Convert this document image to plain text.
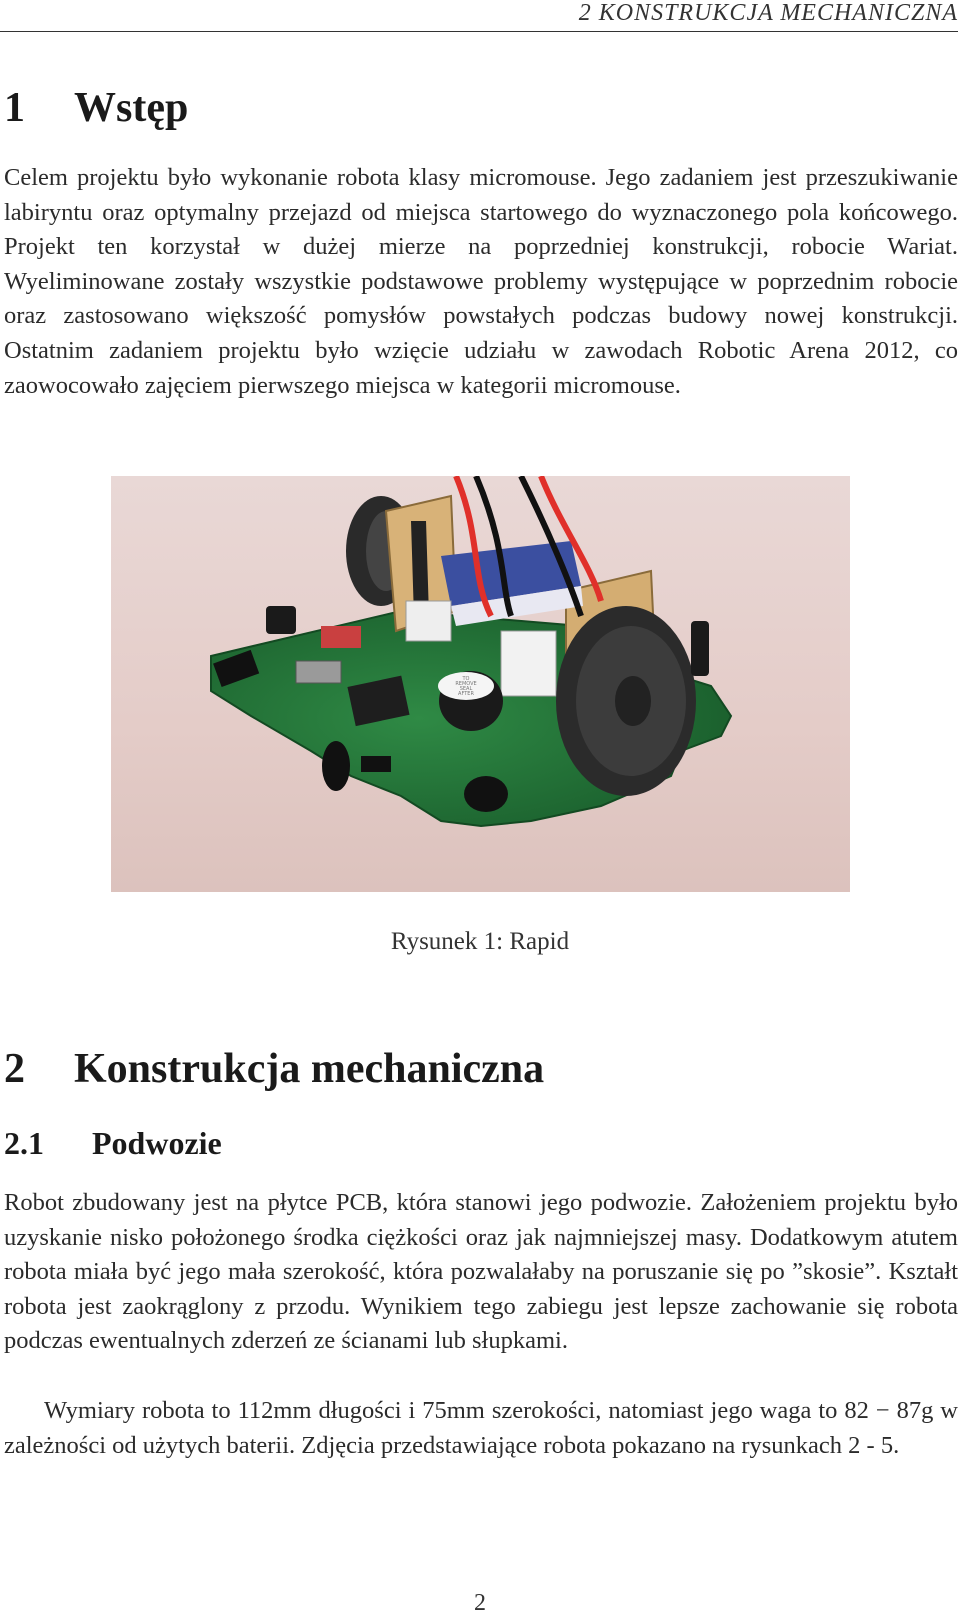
2 KONSTRUKCJA MECHANICZNA
1 Wstęp

Celem projektu było wykonanie robota klasy micromouse. Jego zadaniem jest przeszukiwanie labiryntu oraz optymalny przejazd od miejsca startowego do wyznaczonego pola końcowego. Projekt ten korzystał w dużej mierze na poprzedniej konstrukcji, robocie Wariat. Wyeliminowane zostały wszystkie podstawowe problemy występujące w poprzednim robocie oraz zastosowano większość pomysłów powstałych podczas budowy nowej konstrukcji. Ostatnim zadaniem projektu było wzięcie udziału w zawodach Robotic Arena 2012, co zaowocowało zajęciem pierwszego miejsca w kategorii micromouse.

TO
REMOVE
SEAL
AFTER
Rysunek 1: Rapid
2 Konstrukcja mechaniczna
2.1 Podwozie

Robot zbudowany jest na płytce PCB, która stanowi jego podwozie. Założeniem projektu było uzyskanie nisko położonego środka ciężkości oraz jak najmniejszej masy. Dodatkowym atutem robota miała być jego mała szerokość, która pozwalałaby na poruszanie się po ”skosie”. Kształt robota jest zaokrąglony z przodu. Wynikiem tego zabiegu jest lepsze zachowanie się robota podczas ewentualnych zderzeń ze ścianami lub słupkami.

Wymiary robota to 112mm długości i 75mm szerokości, natomiast jego waga to 82 − 87g w zależności od użytych baterii. Zdjęcia przedstawiające robota pokazano na rysunkach 2 - 5.

2
